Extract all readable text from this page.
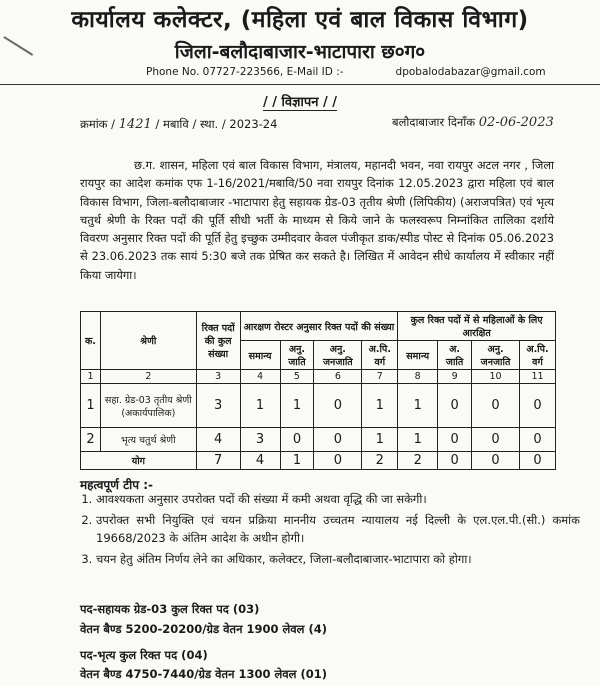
कार्यालय कलेक्टर, (महिला एवं बाल विकास विभाग)
जिला-बलौदाबाजार-भाटापारा छ०ग०
Phone No. 07727-223566, E-Mail ID :-	dpobalodabazar@gmail.com
/ / विज्ञापन / /
क्रमांक / 1421 / मबावि / स्था. / 2023-24	बलौदाबाजार दिनाँक 02-06-2023
छ.ग. शासन, महिला एवं बाल विकास विभाग, मंत्रालय, महानदी भवन, नवा रायपुर अटल नगर , जिला रायपुर का आदेश कमांक एफ 1-16/2021/मबावि/50 नवा रायपुर दिनांक 12.05.2023 द्वारा महिला एवं बाल विकास विभाग, जिला-बलौदाबाजार -भाटापारा हेतु सहायक ग्रेड-03 तृतीय श्रेणी (लिपिकीय) (अराजपत्रित) एवं भृत्य चतुर्थ श्रेणी के रिक्त पदों की पूर्ति सीधी भर्ती के माध्यम से किये जाने के फलस्वरूप निम्नांकित तालिका दर्शाये विवरण अनुसार रिक्त पदों की पूर्ति हेतु इच्छुक उम्मीदवार केवल पंजीकृत डाक/स्पीड पोस्ट से दिनांक 05.06.2023 से 23.06.2023 तक सायं 5:30 बजे तक प्रेषित कर सकते है। लिखित में आवेदन सीधे कार्यालय में स्वीकार नहीं किया जायेगा।
क.	श्रेणी	रिक्त पदों की कुल संख्या	आरक्षण रोस्टर अनुसार रिक्त पदों की संख्या				कुल रिक्त पदों में से महिलाओं के लिए आरक्षित			
			समान्य	अनु. जाति	अनु. जनजाति	अ.पि. वर्ग	समान्य	अ. जाति	अनु. जनजाति	अ.पि. वर्ग
1	2	3	4	5	6	7	8	9	10	11
1	सहा. ग्रेड-03 तृतीय श्रेणी (अकार्यपालिक)	3	1	1	0	1	1	0	0	0
2	भृत्य चतुर्थ श्रेणी	4	3	0	0	1	1	0	0	0
योग		7	4	1	0	2	2	0	0	0
महत्वपूर्ण टीप :-
1. आवश्यकता अनुसार उपरोक्त पदों की संख्या में कमी अथवा वृद्धि की जा सकेगी।
2. उपरोक्त सभी नियुक्ति एवं चयन प्रक्रिया माननीय उच्चतम न्यायालय नई दिल्ली के एल.एल.पी.(सी.) कमांक 19668/2023 के अंतिम आदेश के अधीन होगी।
3. चयन हेतु अंतिम निर्णय लेने का अधिकार, कलेक्टर, जिला-बलौदाबाजार-भाटापारा को होगा।
पद-सहायक ग्रेड-03 कुल रिक्त पद (03)
वेतन बैण्ड 5200-20200/ग्रेड वेतन 1900 लेवल (4)
पद-भृत्य कुल रिक्त पद (04)
वेतन बैण्ड 4750-7440/ग्रेड वेतन 1300 लेवल (01)
